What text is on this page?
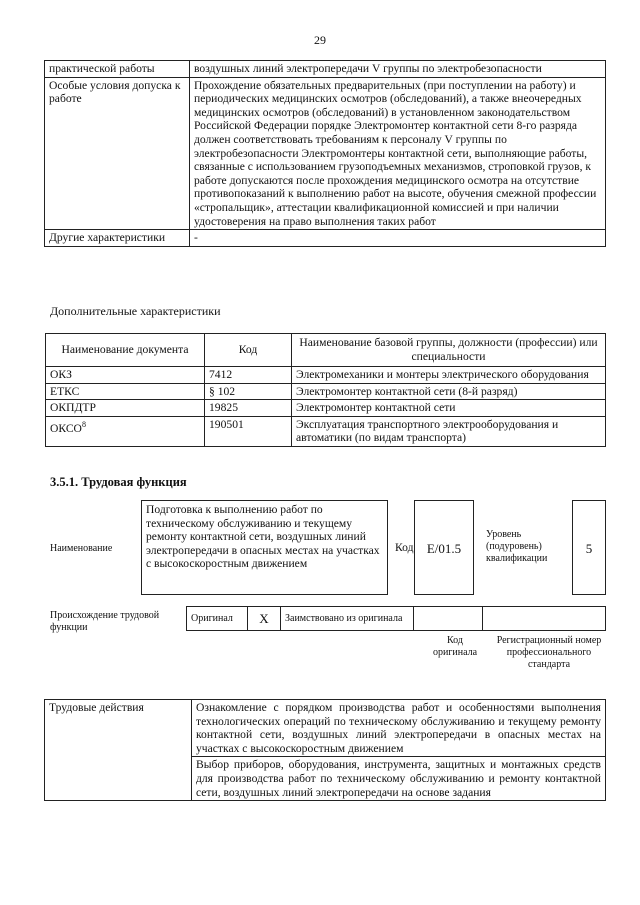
29
практической работы	воздушных линий электропередачи V группы по электробезопасности
Особые условия допуска к работе	Прохождение обязательных предварительных (при поступлении на работу) и периодических медицинских осмотров (обследований), а также внеочередных медицинских осмотров (обследований) в установленном законодательством Российской Федерации порядке Электромонтер контактной сети 8-го разряда должен соответствовать требованиям к персоналу V группы по электробезопасности Электромонтеры контактной сети, выполняющие работы, связанные с использованием грузоподъемных механизмов, строповкой грузов, к работе допускаются после прохождения медицинского осмотра на отсутствие противопоказаний к выполнению работ на высоте, обучения смежной профессии «стропальщик», аттестации квалификационной комиссией и при наличии удостоверения на право выполнения таких работ
Другие характеристики	-
Дополнительные характеристики
Наименование документа	Код	Наименование базовой группы, должности (профессии) или специальности
ОКЗ	7412	Электромеханики и монтеры электрического оборудования
ЕТКС	§ 102	Электромонтер контактной сети (8-й разряд)
ОКПДТР	19825	Электромонтер контактной сети
ОКСО$^8$	190501	Эксплуатация транспортного электрооборудования и автоматики (по видам транспорта)
3.5.1. Трудовая функция
Наименование
Подготовка к выполнению работ по техническому обслуживанию и текущему ремонту контактной сети, воздушных линий электропередачи в опасных местах на участках с высокоскоростным движением
Код	E/01.5
Уровень (подуровень) квалификации
5
Происхождение трудовой функции
Оригинал	X	Заимствовано из оригинала		
Код оригинала
Регистрационный номер профессионального стандарта
Трудовые действия	Ознакомление с порядком производства работ и особенностями выполнения технологических операций по техническому обслуживанию и текущему ремонту контактной сети, воздушных линий электропередачи в опасных местах на участках с высокоскоростным движением
Выбор приборов, оборудования, инструмента, защитных и монтажных средств для производства работ по техническому обслуживанию и ремонту контактной сети, воздушных линий электропередачи на основе задания
